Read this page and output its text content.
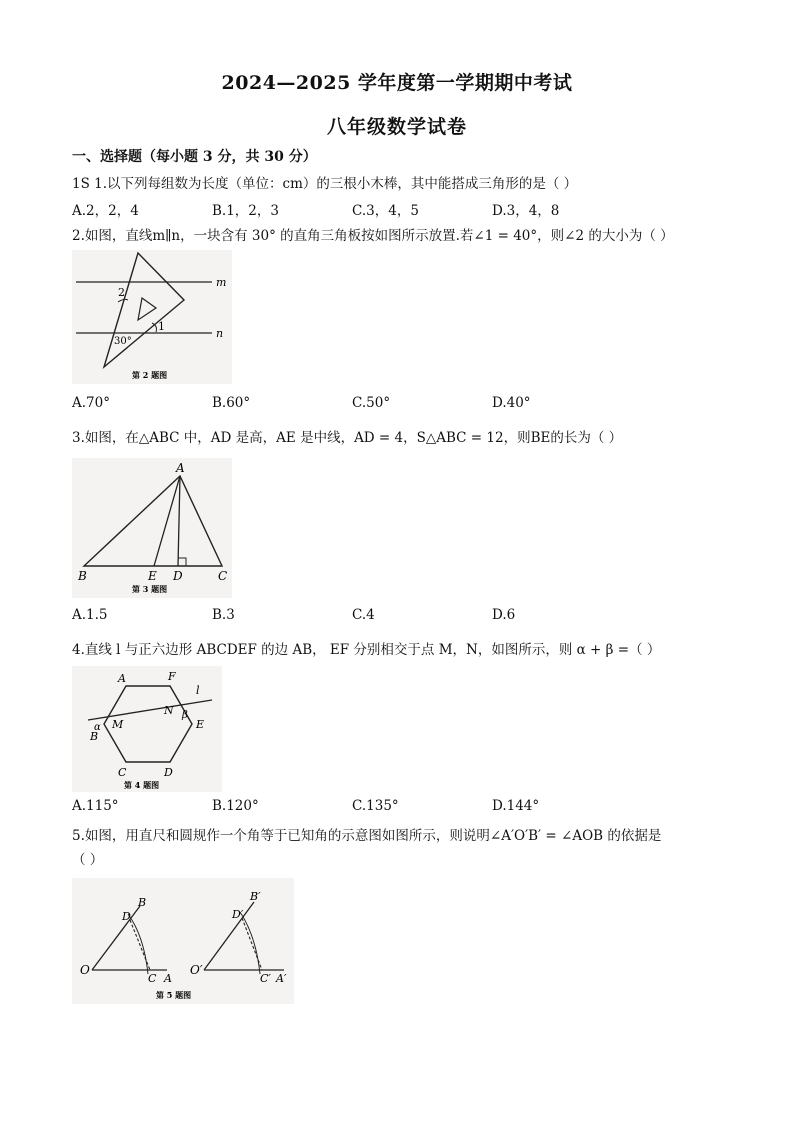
2024—2025 学年度第一学期期中考试
八年级数学试卷
一、选择题（每小题 3 分，共 30 分）
1S 1.以下列每组数为长度（单位：cm）的三根小木棒，其中能搭成三角形的是（ ）
A.2，2，4	B.1，2，3	C.3，4，5	D.3，4，8
2.如图，直线m∥n，一块含有 30° 的直角三角板按如图所示放置.若∠1 = 40°，则∠2 的大小为（ ）
m
n
1
2
30°
第 2 题图
A.70°	B.60°	C.50°	D.40°
3.如图，在△ABC 中，AD 是高，AE 是中线，AD = 4，S△ABC = 12，则BE的长为（ ）
A
B	E D	C
第 3 题图
A.1.5	B.3	C.4	D.6
4.直线 l 与正六边形 ABCDEF 的边 AB， EF 分别相交于点 M，N，如图所示，则 α + β =（ ）
A	F
l
M
N
α
β
B
E
C	D
第 4 题图
A.115°	B.120°	C.135°	D.144°
5.如图，用直尺和圆规作一个角等于已知角的示意图如图所示，则说明∠A′O′B′ = ∠AOB 的依据是
（ ）
B
D
O
C A
B′
D′
O′
C′ A′
第 5 题图
